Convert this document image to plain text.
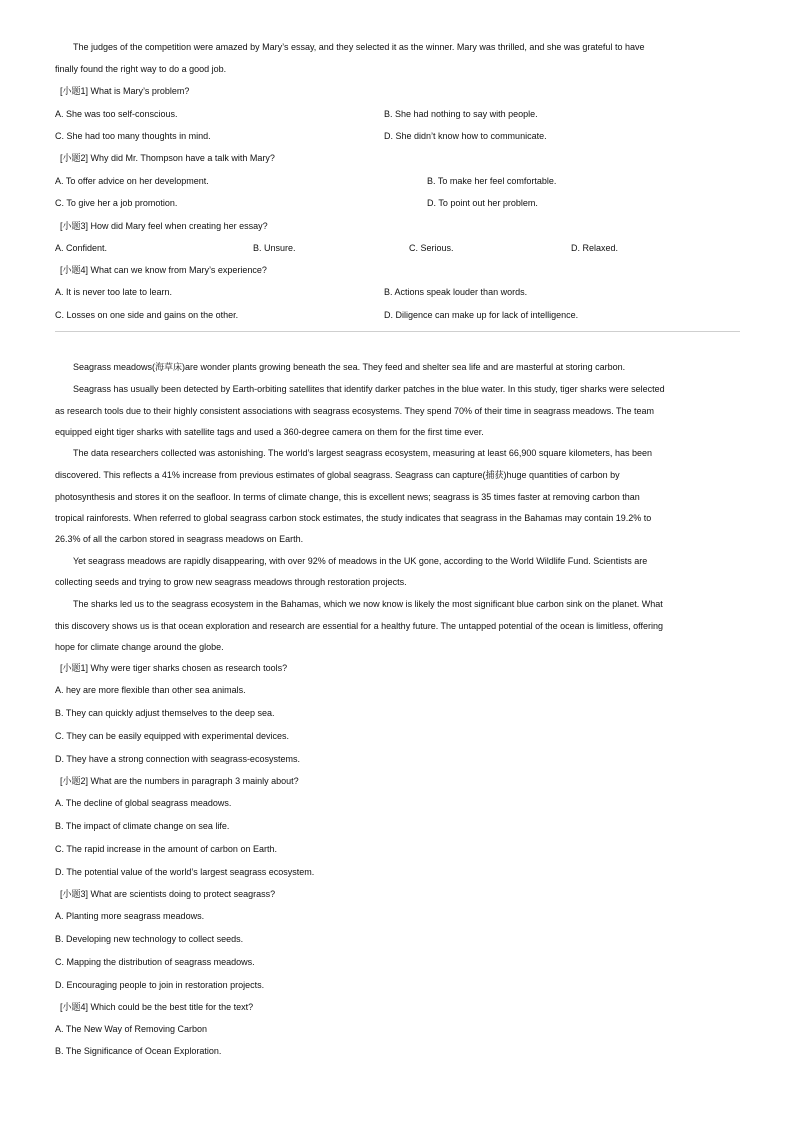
The judges of the competition were amazed by Mary’s essay, and they selected it as the winner. Mary was thrilled, and she was grateful to have
finally found the right way to do a good job.
[小题1] What is Mary’s problem?
A. She was too self-conscious.	B. She had nothing to say with people.
C. She had too many thoughts in mind.	D. She didn’t know how to communicate.
[小题2] Why did Mr. Thompson have a talk with Mary?
A. To offer advice on her development.	B. To make her feel comfortable.
C. To give her a job promotion.	D. To point out her problem.
[小题3] How did Mary feel when creating her essay?
A. Confident.	B. Unsure.	C. Serious.	D. Relaxed.
[小题4] What can we know from Mary’s experience?
A. It is never too late to learn.	B. Actions speak louder than words.
C. Losses on one side and gains on the other.	D. Diligence can make up for lack of intelligence.
Seagrass meadows(海草床)are wonder plants growing beneath the sea. They feed and shelter sea life and are masterful at storing carbon.
Seagrass has usually been detected by Earth-orbiting satellites that identify darker patches in the blue water. In this study, tiger sharks were selected
as research tools due to their highly consistent associations with seagrass ecosystems. They spend 70% of their time in seagrass meadows. The team
equipped eight tiger sharks with satellite tags and used a 360-degree camera on them for the first time ever.
The data researchers collected was astonishing. The world’s largest seagrass ecosystem, measuring at least 66,900 square kilometers, has been
discovered. This reflects a 41% increase from previous estimates of global seagrass. Seagrass can capture(捕获)huge quantities of carbon by
photosynthesis and stores it on the seafloor. In terms of climate change, this is excellent news; seagrass is 35 times faster at removing carbon than
tropical rainforests. When referred to global seagrass carbon stock estimates, the study indicates that seagrass in the Bahamas may contain 19.2% to
26.3% of all the carbon stored in seagrass meadows on Earth.
Yet seagrass meadows are rapidly disappearing, with over 92% of meadows in the UK gone, according to the World Wildlife Fund. Scientists are
collecting seeds and trying to grow new seagrass meadows through restoration projects.
The sharks led us to the seagrass ecosystem in the Bahamas, which we now know is likely the most significant blue carbon sink on the planet. What
this discovery shows us is that ocean exploration and research are essential for a healthy future. The untapped potential of the ocean is limitless, offering
hope for climate change around the globe.
[小题1] Why were tiger sharks chosen as research tools?
A. hey are more flexible than other sea animals.
B. They can quickly adjust themselves to the deep sea.
C. They can be easily equipped with experimental devices.
D. They have a strong connection with seagrass-ecosystems.
[小题2] What are the numbers in paragraph 3 mainly about?
A. The decline of global seagrass meadows.
B. The impact of climate change on sea life.
C. The rapid increase in the amount of carbon on Earth.
D. The potential value of the world’s largest seagrass ecosystem.
[小题3] What are scientists doing to protect seagrass?
A. Planting more seagrass meadows.
B. Developing new technology to collect seeds.
C. Mapping the distribution of seagrass meadows.
D. Encouraging people to join in restoration projects.
[小题4] Which could be the best title for the text?
A. The New Way of Removing Carbon
B. The Significance of Ocean Exploration.
